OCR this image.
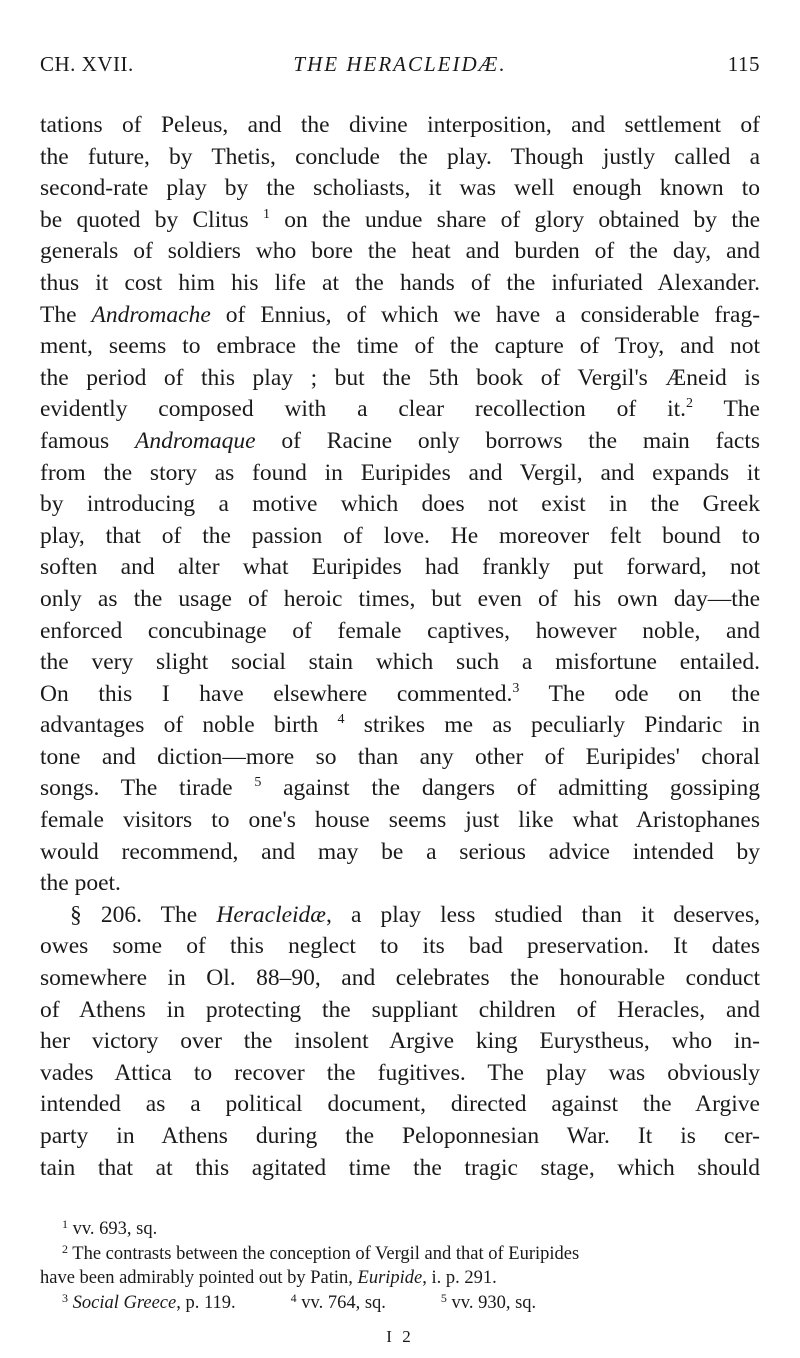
CH. XVII.	THE HERACLEIDÆ.	115
tations of Peleus, and the divine interposition, and settlement of
the future, by Thetis, conclude the play. Though justly called a
second-rate play by the scholiasts, it was well enough known to
be quoted by Clitus $^1$ on the undue share of glory obtained by the
generals of soldiers who bore the heat and burden of the day, and
thus it cost him his life at the hands of the infuriated Alexander.
The Andromache of Ennius, of which we have a considerable frag-
ment, seems to embrace the time of the capture of Troy, and not
the period of this play ; but the 5th book of Vergil's Æneid is
evidently composed with a clear recollection of it.$^2$ The
famous Andromaque of Racine only borrows the main facts
from the story as found in Euripides and Vergil, and expands it
by introducing a motive which does not exist in the Greek
play, that of the passion of love. He moreover felt bound to
soften and alter what Euripides had frankly put forward, not
only as the usage of heroic times, but even of his own day—the
enforced concubinage of female captives, however noble, and
the very slight social stain which such a misfortune entailed.
On this I have elsewhere commented.$^3$ The ode on the
advantages of noble birth $^4$ strikes me as peculiarly Pindaric in
tone and diction—more so than any other of Euripides' choral
songs. The tirade $^5$ against the dangers of admitting gossiping
female visitors to one's house seems just like what Aristophanes
would recommend, and may be a serious advice intended by
the poet.
§ 206. The Heracleidæ, a play less studied than it deserves,
owes some of this neglect to its bad preservation. It dates
somewhere in Ol. 88–90, and celebrates the honourable conduct
of Athens in protecting the suppliant children of Heracles, and
her victory over the insolent Argive king Eurystheus, who in-
vades Attica to recover the fugitives. The play was obviously
intended as a political document, directed against the Argive
party in Athens during the Peloponnesian War. It is cer-
tain that at this agitated time the tragic stage, which should
$^1$ vv. 693, sq.
$^2$ The contrasts between the conception of Vergil and that of Euripides
have been admirably pointed out by Patin, Euripide, i. p. 291.
$^3$ Social Greece, p. 119.	$^4$ vv. 764, sq.	$^5$ vv. 930, sq.
I 2
